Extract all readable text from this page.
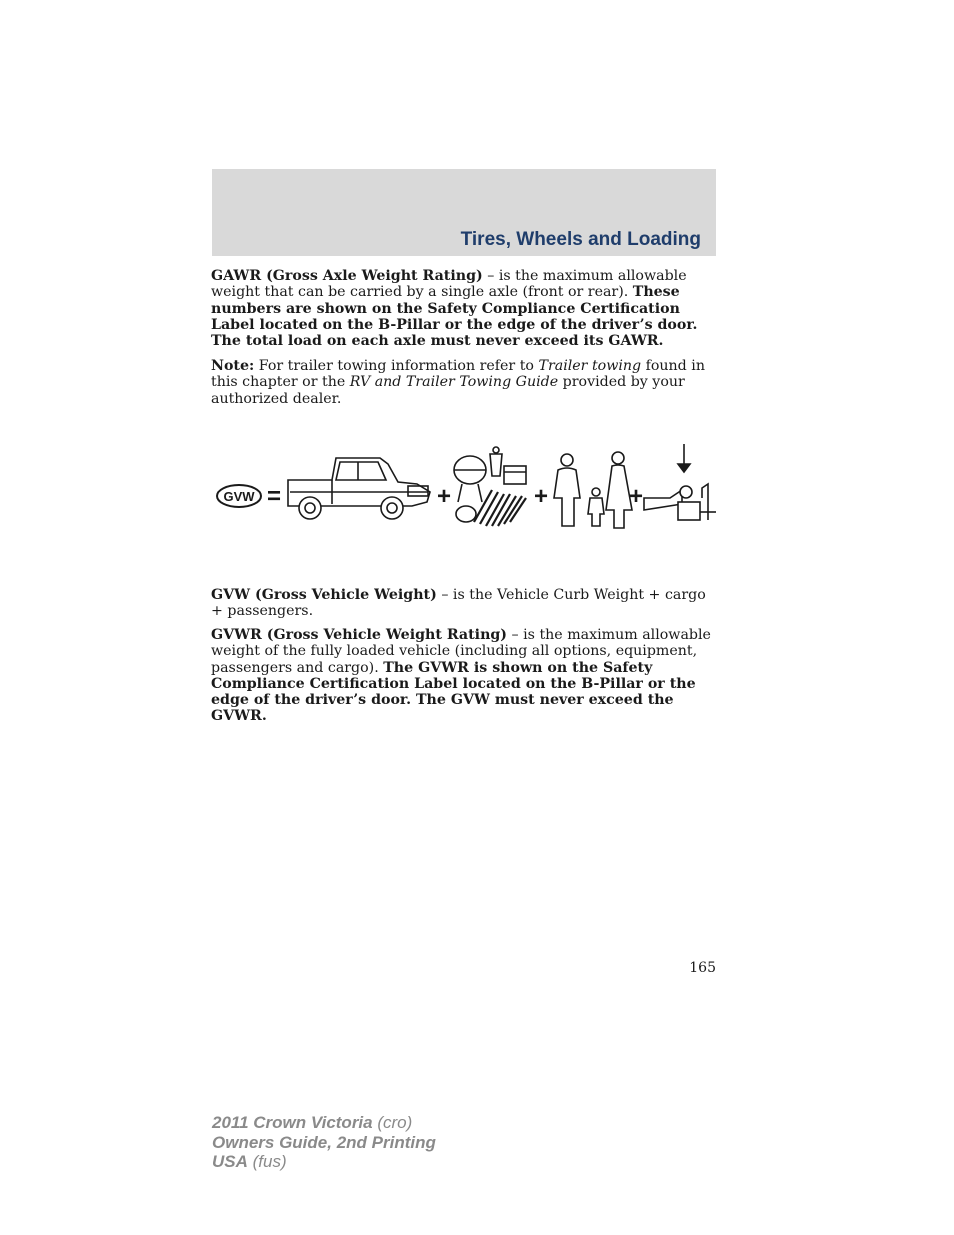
Tires, Wheels and Loading

GAWR (Gross Axle Weight Rating) – is the maximum allowable weight that can be carried by a single axle (front or rear). These numbers are shown on the Safety Compliance Certification Label located on the B-Pillar or the edge of the driver’s door. The total load on each axle must never exceed its GAWR.

Note: For trailer towing information refer to Trailer towing found in this chapter or the RV and Trailer Towing Guide provided by your authorized dealer.

GVW =	+	+	+

GVW (Gross Vehicle Weight) – is the Vehicle Curb Weight + cargo + passengers.

GVWR (Gross Vehicle Weight Rating) – is the maximum allowable weight of the fully loaded vehicle (including all options, equipment, passengers and cargo). The GVWR is shown on the Safety Compliance Certification Label located on the B-Pillar or the edge of the driver’s door. The GVW must never exceed the GVWR.

165

2011 Crown Victoria (cro)
Owners Guide, 2nd Printing
USA (fus)
